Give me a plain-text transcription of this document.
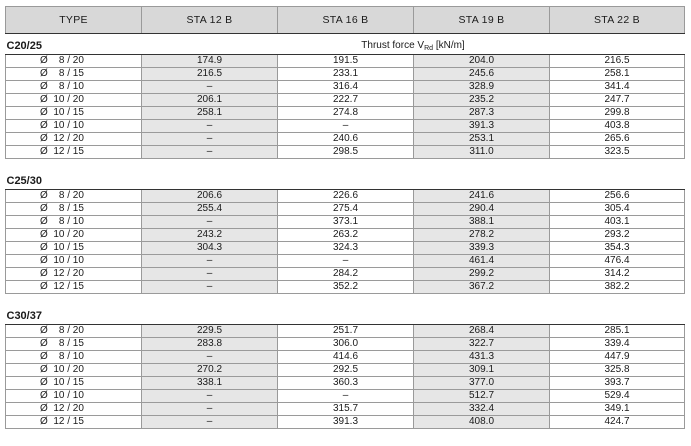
TYPE	STA 12 B	STA 16 B	STA 19 B	STA 22 B
C20/25	Thrust force $V_{Rd}$ [kN/m]			
Ø    8 / 20	174.9	191.5	204.0	216.5
Ø    8 / 15	216.5	233.1	245.6	258.1
Ø    8 / 10	–	316.4	328.9	341.4
Ø  10 / 20	206.1	222.7	235.2	247.7
Ø  10 / 15	258.1	274.8	287.3	299.8
Ø  10 / 10	–	–	391.3	403.8
Ø  12 / 20	–	240.6	253.1	265.6
Ø  12 / 15	–	298.5	311.0	323.5

C25/30				
Ø    8 / 20	206.6	226.6	241.6	256.6
Ø    8 / 15	255.4	275.4	290.4	305.4
Ø    8 / 10	–	373.1	388.1	403.1
Ø  10 / 20	243.2	263.2	278.2	293.2
Ø  10 / 15	304.3	324.3	339.3	354.3
Ø  10 / 10	–	–	461.4	476.4
Ø  12 / 20	–	284.2	299.2	314.2
Ø  12 / 15	–	352.2	367.2	382.2

C30/37				
Ø    8 / 20	229.5	251.7	268.4	285.1
Ø    8 / 15	283.8	306.0	322.7	339.4
Ø    8 / 10	–	414.6	431.3	447.9
Ø  10 / 20	270.2	292.5	309.1	325.8
Ø  10 / 15	338.1	360.3	377.0	393.7
Ø  10 / 10	–	–	512.7	529.4
Ø  12 / 20	–	315.7	332.4	349.1
Ø  12 / 15	–	391.3	408.0	424.7
